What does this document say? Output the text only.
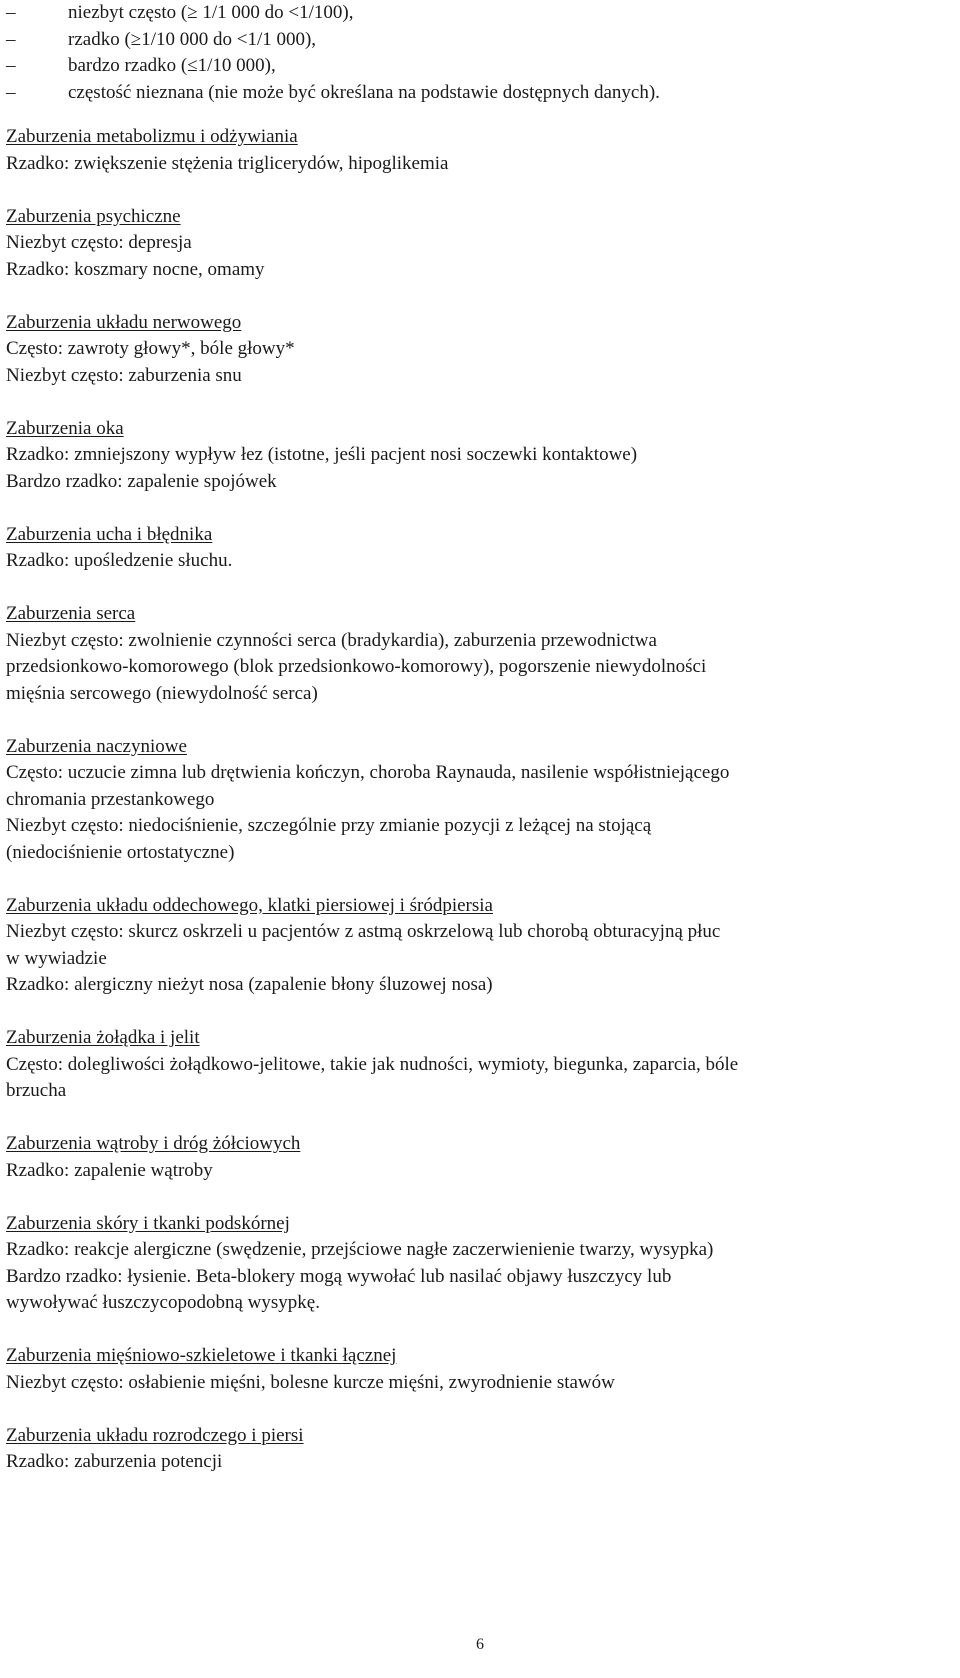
–	niezbyt często (≥ 1/1 000 do <1/100),
–	rzadko (≥1/10 000 do <1/1 000),
–	bardzo rzadko (≤1/10 000),
–	częstość nieznana (nie może być określana na podstawie dostępnych danych).
Zaburzenia metabolizmu i odżywiania
Rzadko: zwiększenie stężenia triglicerydów, hipoglikemia
Zaburzenia psychiczne
Niezbyt często: depresja
Rzadko: koszmary nocne, omamy
Zaburzenia układu nerwowego
Często: zawroty głowy*, bóle głowy*
Niezbyt często: zaburzenia snu
Zaburzenia oka
Rzadko: zmniejszony wypływ łez (istotne, jeśli pacjent nosi soczewki kontaktowe)
Bardzo rzadko: zapalenie spojówek
Zaburzenia ucha i błędnika
Rzadko: upośledzenie słuchu.
Zaburzenia serca
Niezbyt często: zwolnienie czynności serca (bradykardia), zaburzenia przewodnictwa
przedsionkowo-komorowego (blok przedsionkowo-komorowy), pogorszenie niewydolności
mięśnia sercowego (niewydolność serca)
Zaburzenia naczyniowe
Często: uczucie zimna lub drętwienia kończyn, choroba Raynauda, nasilenie współistniejącego
chromania przestankowego
Niezbyt często: niedociśnienie, szczególnie przy zmianie pozycji z leżącej na stojącą
(niedociśnienie ortostatyczne)
Zaburzenia układu oddechowego, klatki piersiowej i śródpiersia
Niezbyt często: skurcz oskrzeli u pacjentów z astmą oskrzelową lub chorobą obturacyjną płuc
w wywiadzie
Rzadko: alergiczny nieżyt nosa (zapalenie błony śluzowej nosa)
Zaburzenia żołądka i jelit
Często: dolegliwości żołądkowo-jelitowe, takie jak nudności, wymioty, biegunka, zaparcia, bóle
brzucha
Zaburzenia wątroby i dróg żółciowych
Rzadko: zapalenie wątroby
Zaburzenia skóry i tkanki podskórnej
Rzadko: reakcje alergiczne (swędzenie, przejściowe nagłe zaczerwienienie twarzy, wysypka)
Bardzo rzadko: łysienie. Beta-blokery mogą wywołać lub nasilać objawy łuszczycy lub
wywoływać łuszczycopodobną wysypkę.
Zaburzenia mięśniowo-szkieletowe i tkanki łącznej
Niezbyt często: osłabienie mięśni, bolesne kurcze mięśni, zwyrodnienie stawów
Zaburzenia układu rozrodczego i piersi
Rzadko: zaburzenia potencji
6
